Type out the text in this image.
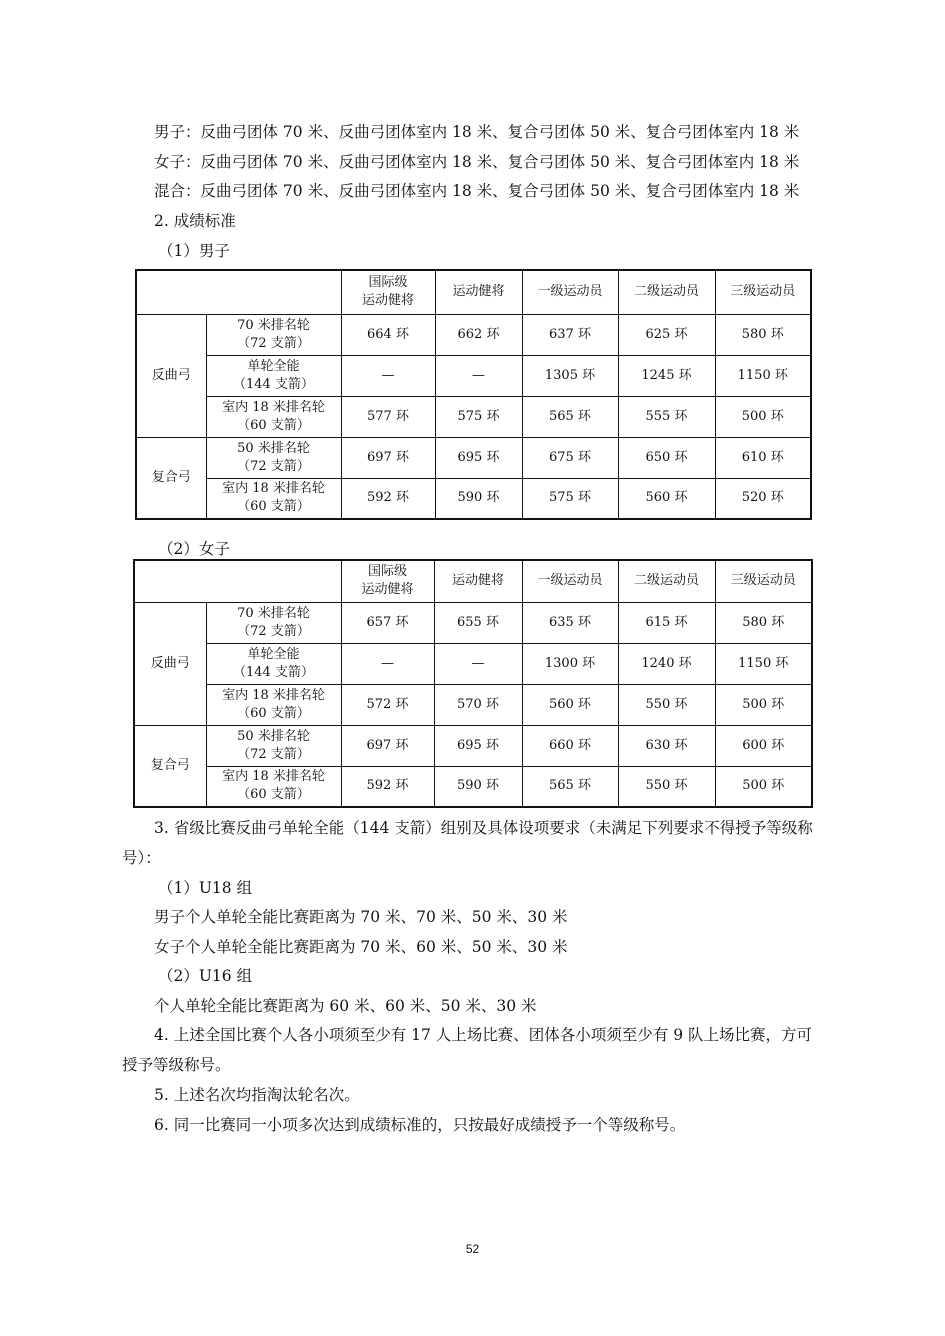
男子：反曲弓团体 70 米、反曲弓团体室内 18 米、复合弓团体 50 米、复合弓团体室内 18 米
女子：反曲弓团体 70 米、反曲弓团体室内 18 米、复合弓团体 50 米、复合弓团体室内 18 米
混合：反曲弓团体 70 米、反曲弓团体室内 18 米、复合弓团体 50 米、复合弓团体室内 18 米
2. 成绩标准
（1）男子

		国际级
运动健将	运动健将	一级运动员	二级运动员	三级运动员
反曲弓	70 米排名轮
（72 支箭）	664 环	662 环	637 环	625 环	580 环

	单轮全能
（144 支箭）	—	—	1305 环	1245 环	1150 环

	室内 18 米排名轮
（60 支箭）	577 环	575 环	565 环	555 环	500 环
复合弓	50 米排名轮
（72 支箭）	697 环	695 环	675 环	650 环	610 环

	室内 18 米排名轮
（60 支箭）	592 环	590 环	575 环	560 环	520 环
（2）女子

		国际级
运动健将	运动健将	一级运动员	二级运动员	三级运动员
反曲弓	70 米排名轮
（72 支箭）	657 环	655 环	635 环	615 环	580 环

	单轮全能
（144 支箭）	—	—	1300 环	1240 环	1150 环

	室内 18 米排名轮
（60 支箭）	572 环	570 环	560 环	550 环	500 环
复合弓	50 米排名轮
（72 支箭）	697 环	695 环	660 环	630 环	600 环

	室内 18 米排名轮
（60 支箭）	592 环	590 环	565 环	550 环	500 环
3. 省级比赛反曲弓单轮全能（144 支箭）组别及具体设项要求（未满足下列要求不得授予等级称号）：
（1）U18 组
男子个人单轮全能比赛距离为 70 米、70 米、50 米、30 米
女子个人单轮全能比赛距离为 70 米、60 米、50 米、30 米
（2）U16 组
个人单轮全能比赛距离为 60 米、60 米、50 米、30 米
4. 上述全国比赛个人各小项须至少有 17 人上场比赛、团体各小项须至少有 9 队上场比赛，方可授予等级称号。
5. 上述名次均指淘汰轮名次。
6. 同一比赛同一小项多次达到成绩标准的，只按最好成绩授予一个等级称号。
52
